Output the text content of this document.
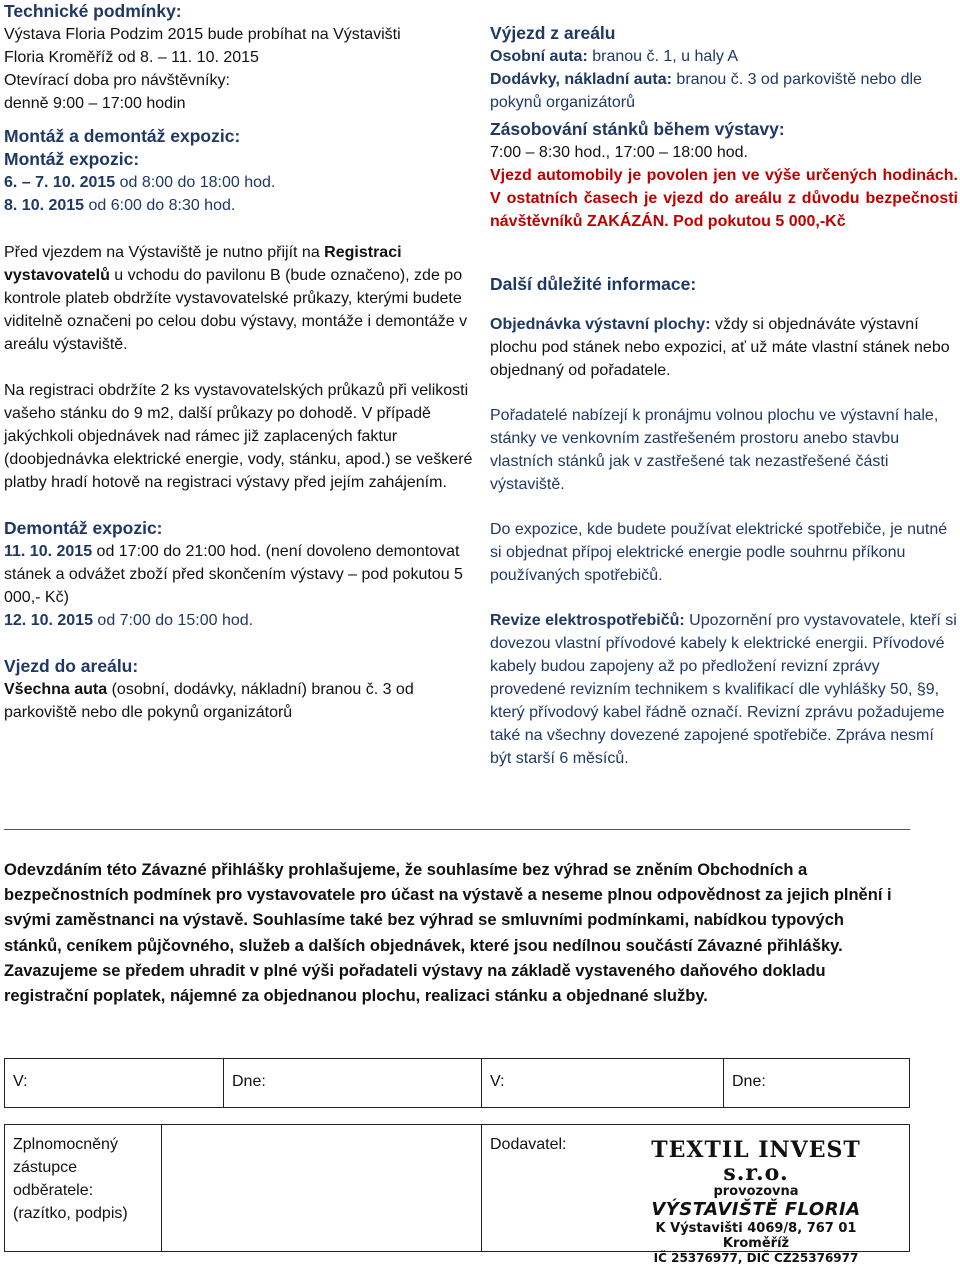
Technické podmínky:
Výstava Floria Podzim 2015 bude probíhat na Výstavišti
Floria Kroměříž od 8. – 11. 10. 2015
Otevírací doba pro návštěvníky:
denně 9:00 – 17:00 hodin
Montáž a demontáž expozic:
Montáž expozic:
6. – 7. 10. 2015 od 8:00 do 18:00 hod.
8. 10. 2015 od 6:00 do 8:30 hod.
Před vjezdem na Výstaviště je nutno přijít na Registraci vystavovatelů u vchodu do pavilonu B (bude označeno), zde po kontrole plateb obdržíte vystavovatelské průkazy, kterými budete viditelně označeni po celou dobu výstavy, montáže i demontáže v areálu výstaviště.
Na registraci obdržíte 2 ks vystavovatelských průkazů při velikosti vašeho stánku do 9 m2, další průkazy po dohodě. V případě jakýchkoli objednávek nad rámec již zaplacených faktur (doobjednávka elektrické energie, vody, stánku, apod.) se veškeré platby hradí hotově na registraci výstavy před jejím zahájením.
Demontáž expozic:
11. 10. 2015 od 17:00 do 21:00 hod. (není dovoleno demontovat stánek a odvážet zboží před skončením výstavy – pod pokutou 5 000,- Kč)
12. 10. 2015 od 7:00 do 15:00 hod.
Vjezd do areálu:
Všechna auta (osobní, dodávky, nákladní) branou č. 3 od parkoviště nebo dle pokynů organizátorů
Výjezd z areálu
Osobní auta: branou č. 1, u haly A
Dodávky, nákladní auta: branou č. 3 od parkoviště nebo dle pokynů organizátorů
Zásobování stánků během výstavy:
7:00 – 8:30 hod., 17:00 – 18:00 hod.
Vjezd automobily je povolen jen ve výše určených hodinách. V ostatních časech je vjezd do areálu z důvodu bezpečnosti návštěvníků ZAKÁZÁN. Pod pokutou 5 000,-Kč
Další důležité informace:
Objednávka výstavní plochy: vždy si objednáváte výstavní plochu pod stánek nebo expozici, ať už máte vlastní stánek nebo objednaný od pořadatele.
Pořadatelé nabízejí k pronájmu volnou plochu ve výstavní hale, stánky ve venkovním zastřešeném prostoru anebo stavbu vlastních stánků jak v zastřešené tak nezastřešené části výstaviště.
Do expozice, kde budete používat elektrické spotřebiče, je nutné si objednat přípoj elektrické energie podle souhrnu příkonu používaných spotřebičů.
Revize elektrospotřebičů: Upozornění pro vystavovatele, kteří si dovezou vlastní přívodové kabely k elektrické energii. Přívodové kabely budou zapojeny až po předložení revizní zprávy provedené revizním technikem s kvalifikací dle vyhlášky 50, §9, který přívodový kabel řádně označí. Revizní zprávu požadujeme také na všechny dovezené zapojené spotřebiče. Zpráva nesmí být starší 6 měsíců.
Odevzdáním této Závazné přihlášky prohlašujeme, že souhlasíme bez výhrad se zněním Obchodních a bezpečnostních podmínek pro vystavovatele pro účast na výstavě a neseme plnou odpovědnost za jejich plnění i svými zaměstnanci na výstavě. Souhlasíme také bez výhrad se smluvními podmínkami, nabídkou typových stánků, ceníkem půjčovného, služeb a dalších objednávek, které jsou nedílnou součástí Závazné přihlášky. Zavazujeme se předem uhradit v plné výši pořadateli výstavy na základě vystaveného daňového dokladu registrační poplatek, nájemné za objednanou plochu, realizaci stánku a objednané služby.
V:	Dne:	V:	Dne:
Zplnomocněný
zástupce
odběratele:
(razítko, podpis)
Dodavatel:	TEXTIL INVEST s.r.o.
provozovna
VÝSTAVIŠTĚ FLORIA
K Výstavišti 4069/8, 767 01 Kroměříž
IČ 25376977, DIČ CZ25376977
